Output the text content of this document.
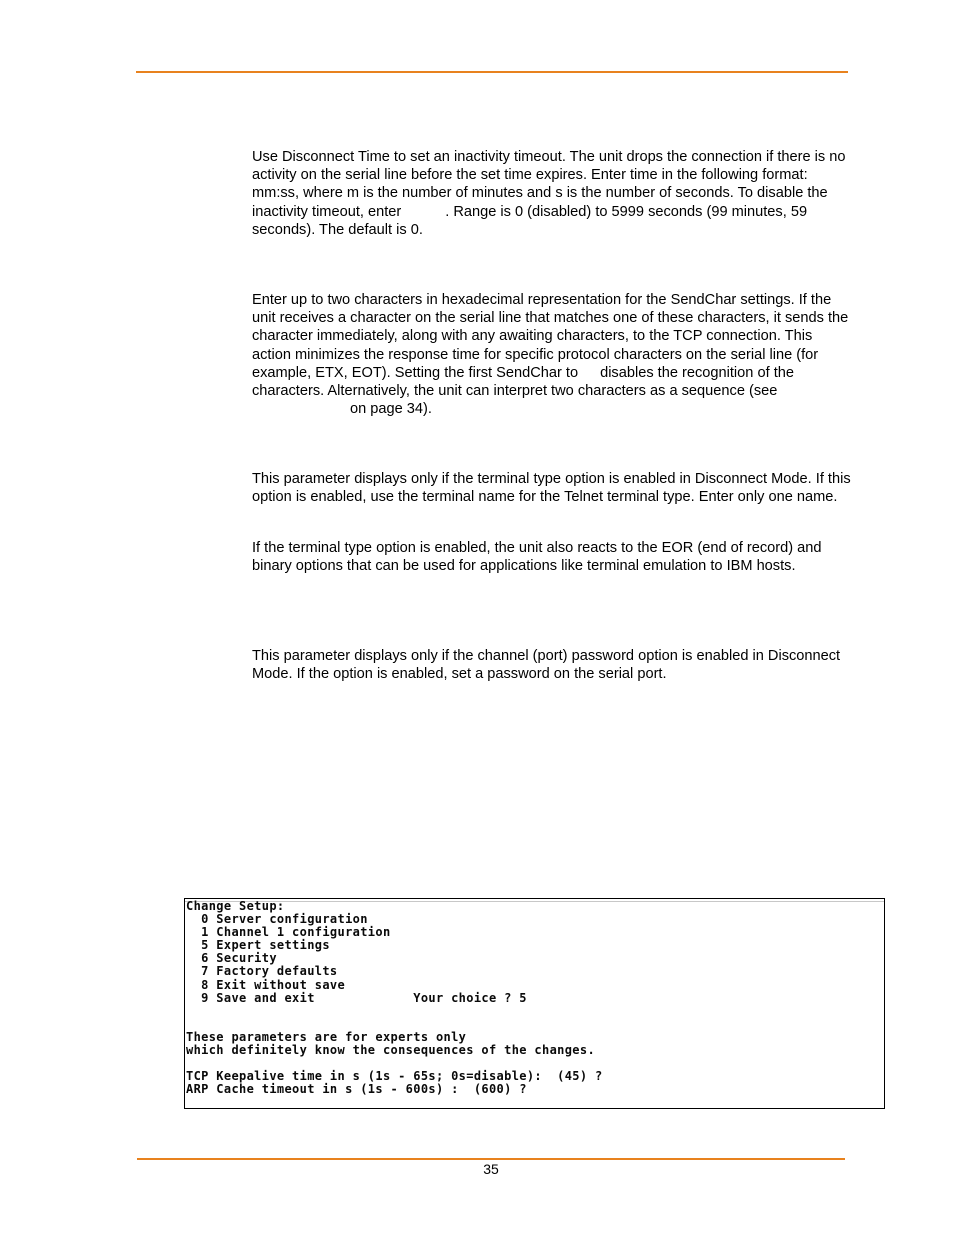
Use Disconnect Time to set an inactivity timeout. The unit drops the connection if there is no activity on the serial line before the set time expires. Enter time in the following format: mm:ss, where m is the number of minutes and s is the number of seconds. To disable the inactivity timeout, enter	. Range is 0 (disabled) to 5999 seconds (99 minutes, 59 seconds). The default is 0.

Enter up to two characters in hexadecimal representation for the SendChar settings. If the unit receives a character on the serial line that matches one of these characters, it sends the character immediately, along with any awaiting characters, to the TCP connection. This action minimizes the response time for specific protocol characters on the serial line (for example, ETX, EOT). Setting the first SendChar to disables the recognition of the characters. Alternatively, the unit can interpret two characters as a sequence (seeon page 34).

This parameter displays only if the terminal type option is enabled in Disconnect Mode. If this option is enabled, use the terminal name for the Telnet terminal type. Enter only one name.

If the terminal type option is enabled, the unit also reacts to the EOR (end of record) and binary options that can be used for applications like terminal emulation to IBM hosts.

This parameter displays only if the channel (port) password option is enabled in Disconnect Mode. If the option is enabled, set a password on the serial port.

Change Setup:
0 Server configuration
1 Channel 1 configuration
5 Expert settings
6 Security
7 Factory defaults
8 Exit without save
9 Save and exit             Your choice ? 5

These parameters are for experts only
which definitely know the consequences of the changes.

TCP Keepalive time in s (1s - 65s; 0s=disable):  (45) ?
ARP Cache timeout in s (1s - 600s) :  (600) ?
35
